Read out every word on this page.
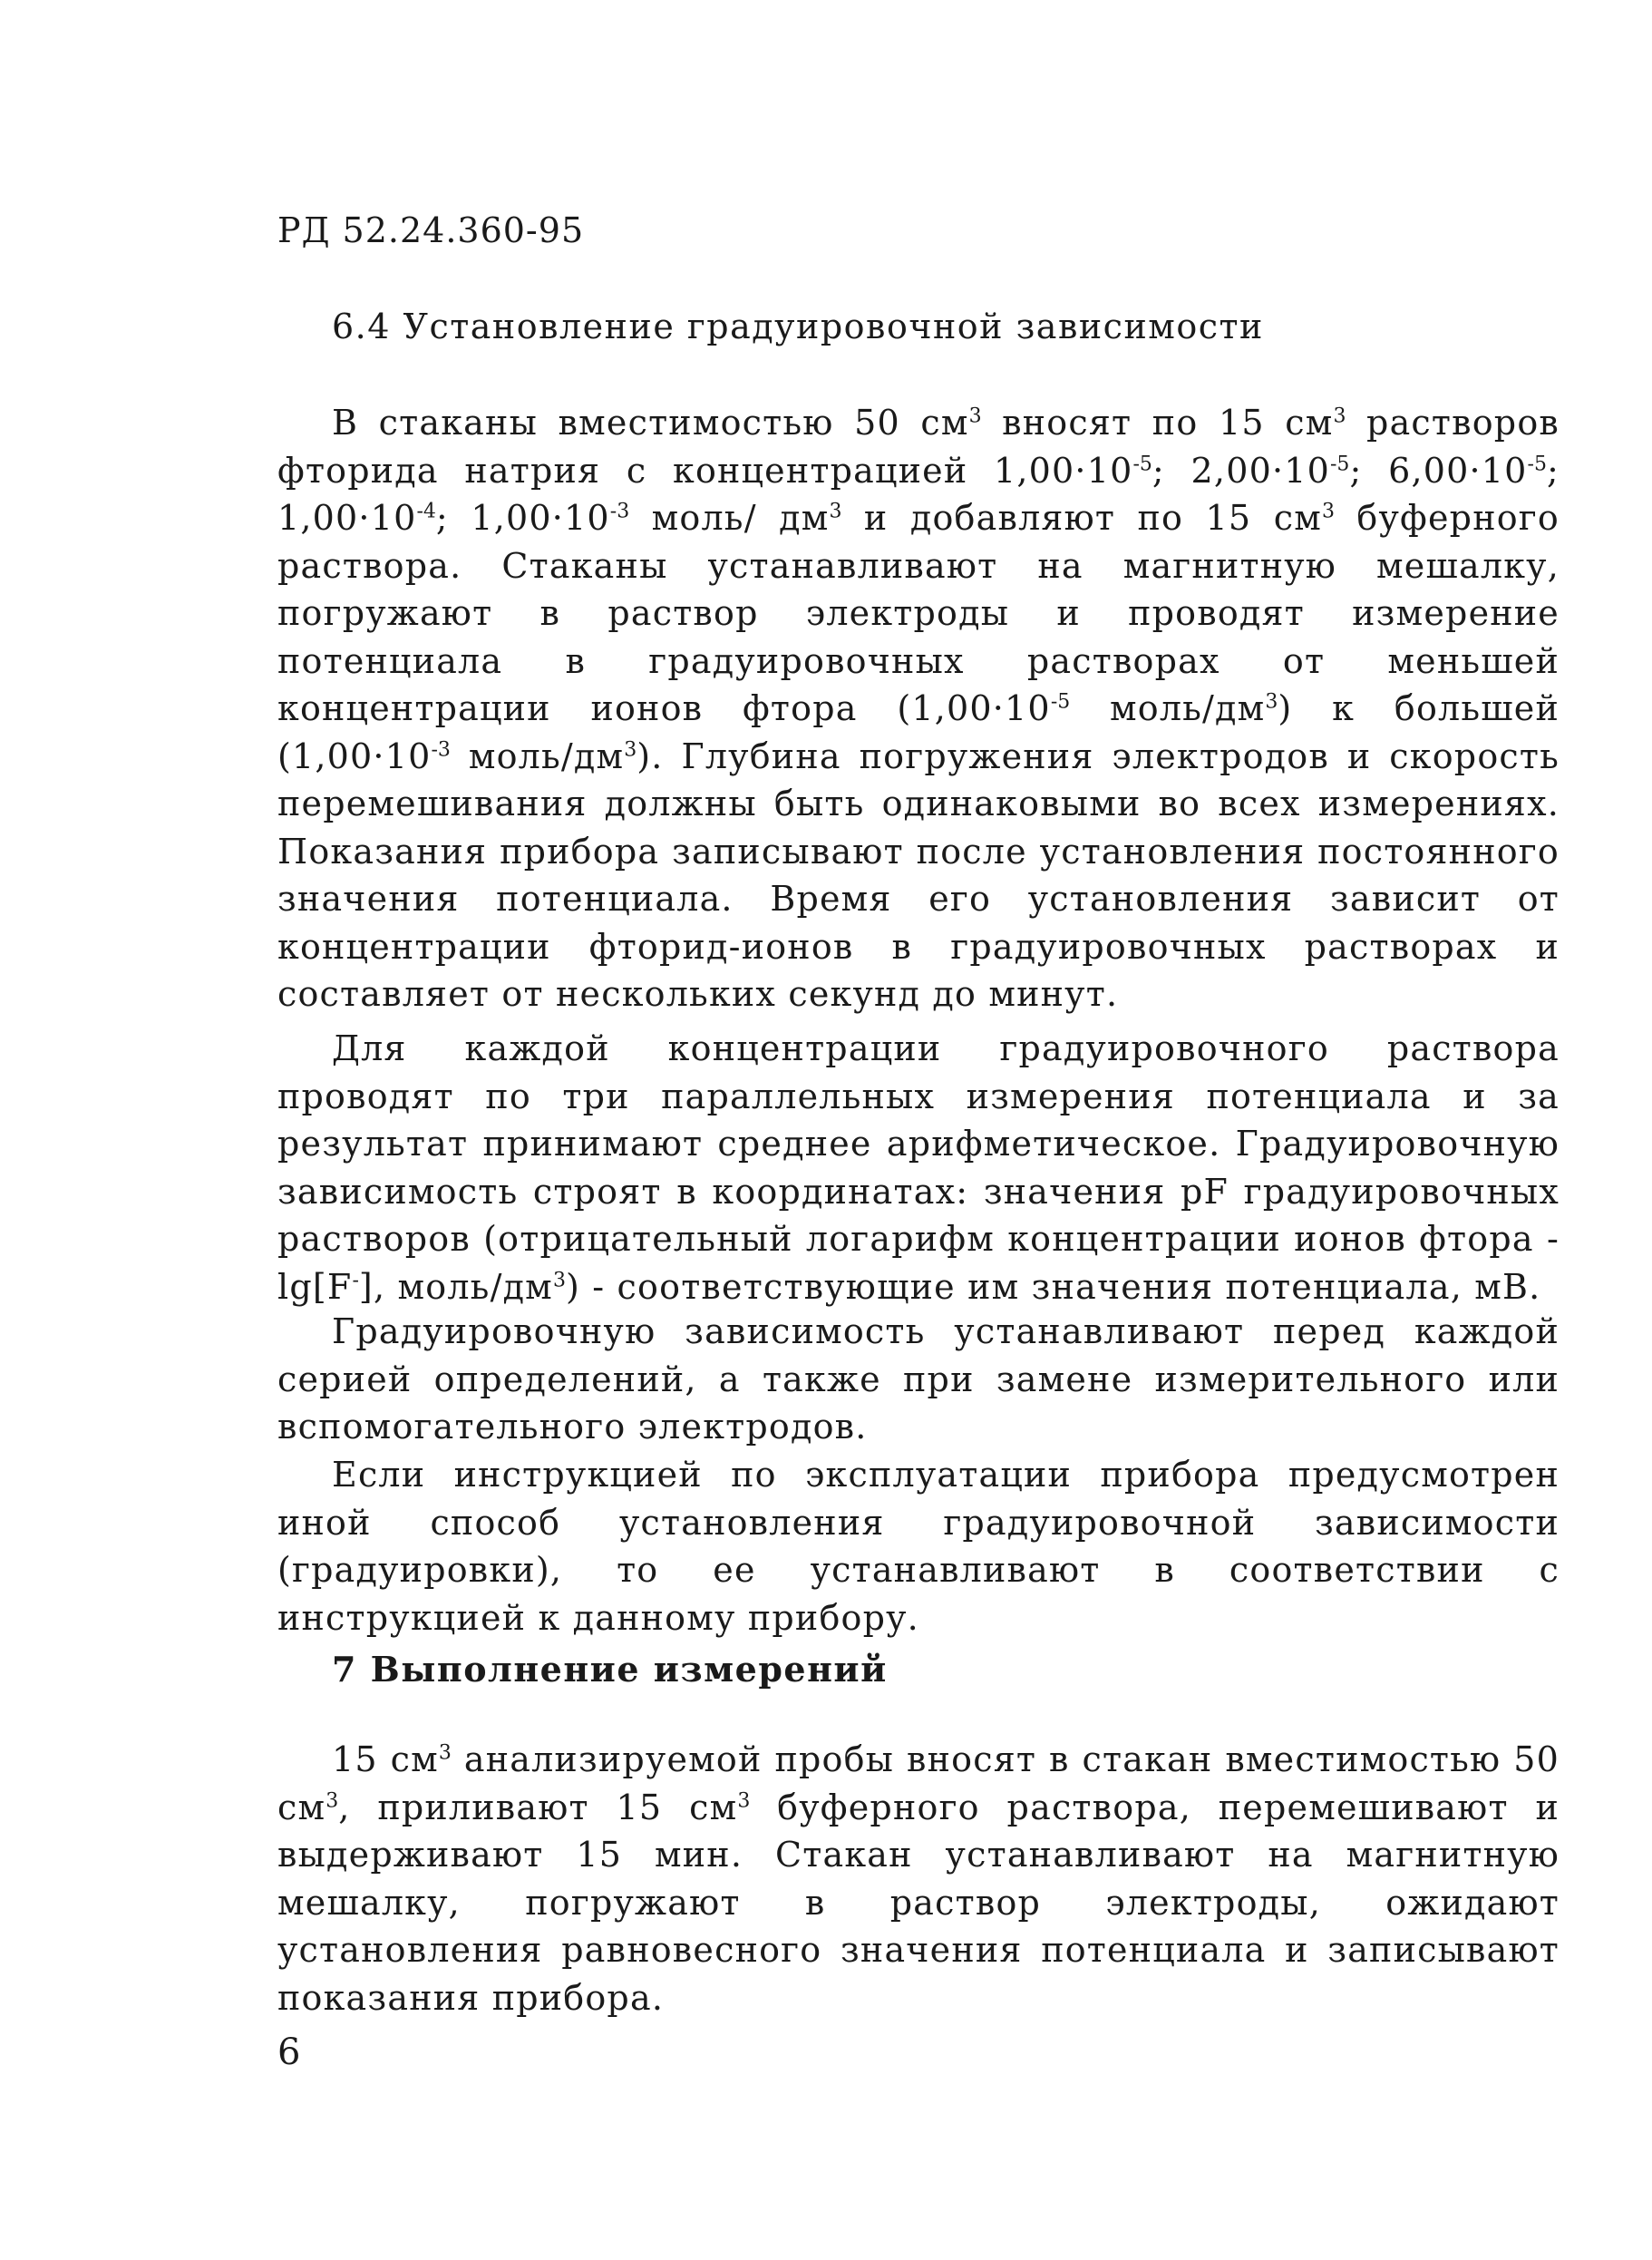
РД 52.24.360-95
6.4 Установление градуировочной зависимости

В стаканы вместимостью 50 $см^3$ вносят по 15 $см^3$ растворов фторида натрия с концентрацией $1,00\cdot 10^{-5}$; $2,00\cdot 10^{-5}$; $6,00\cdot 10^{-5}$; $1,00\cdot 10^{-4}$; $1,00\cdot 10^{-3}$ моль/ $дм^3$ и добавляют по 15 $см^3$ буферного раствора. Стаканы устанавливают на магнитную мешалку, погружают в раствор электроды и проводят измерение потенциала в градуировочных растворах от меньшей концентрации ионов фтора ($1,00\cdot 10^{-5}$ моль/$дм^3$) к большей ($1,00\cdot 10^{-3}$ моль/$дм^3$). Глубина погружения электродов и скорость перемешивания должны быть одинаковыми во всех измерениях. Показания прибора записывают после установления постоянного значения потенциала. Время его установления зависит от концентрации фторид-ионов в градуировочных растворах и составляет от нескольких секунд до минут.

Для каждой концентрации градуировочного раствора проводят по три параллельных измерения потенциала и за результат принимают среднее арифметическое. Градуировочную зависимость строят в координатах: значения pF градуировочных растворов (отрицательный логарифм концентрации ионов фтора -lg[F-], моль/$дм^3$) - соответствующие им значения потенциала, мВ.

Градуировочную зависимость устанавливают перед каждой серией определений, а также при замене измерительного или вспомогательного электродов.

Если инструкцией по эксплуатации прибора предусмотрен иной способ установления градуировочной зависимости (градуировки), то ее устанавливают в соответствии с инструкцией к данному прибору.

7 Выполнение измерений

15 $см^3$ анализируемой пробы вносят в стакан вместимостью 50 $см^3$, приливают 15 $см^3$ буферного раствора, перемешивают и выдерживают 15 мин. Стакан устанавливают на магнитную мешалку, погружают в раствор электроды, ожидают установления равновесного значения потенциала и записывают показания прибора.

6
